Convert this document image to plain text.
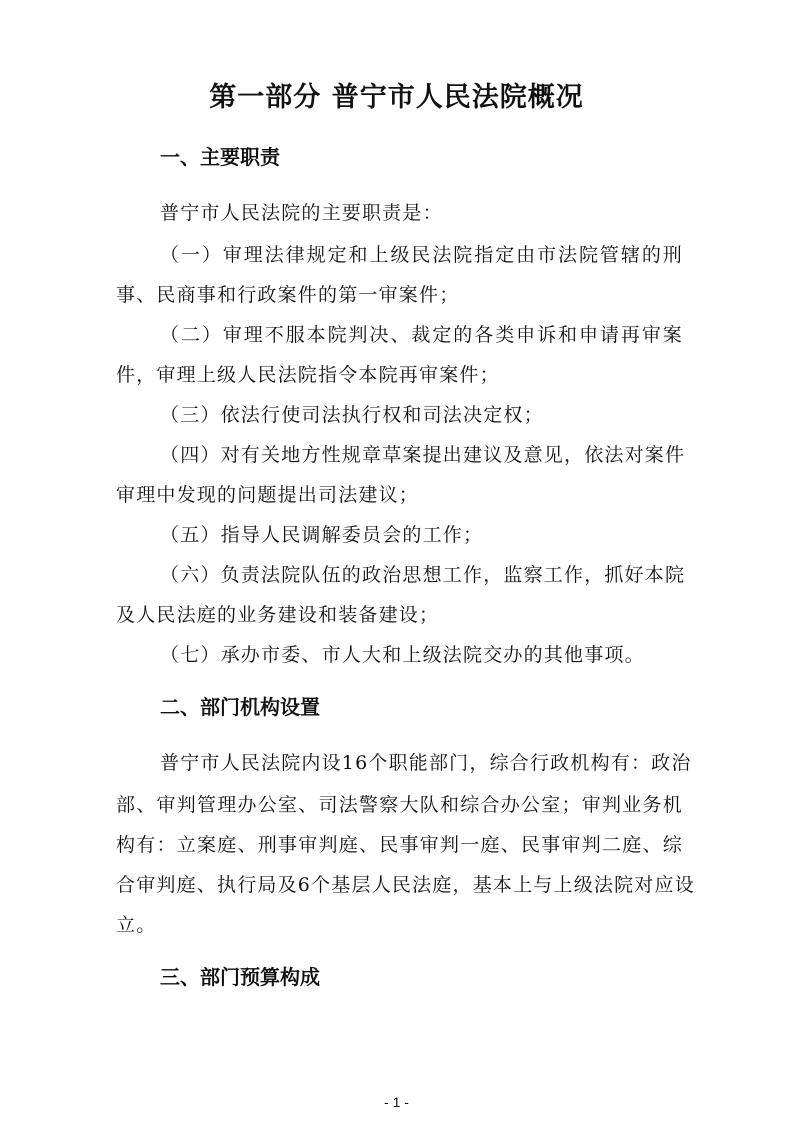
第一部分 普宁市人民法院概况
一、主要职责
普宁市人民法院的主要职责是：
（一）审理法律规定和上级民法院指定由市法院管辖的刑
事、民商事和行政案件的第一审案件；
（二）审理不服本院判决、裁定的各类申诉和申请再审案
件，审理上级人民法院指令本院再审案件；
（三）依法行使司法执行权和司法决定权；
（四）对有关地方性规章草案提出建议及意见，依法对案件
审理中发现的问题提出司法建议；
（五）指导人民调解委员会的工作；
（六）负责法院队伍的政治思想工作，监察工作，抓好本院
及人民法庭的业务建设和装备建设；
（七）承办市委、市人大和上级法院交办的其他事项。
二、部门机构设置
普宁市人民法院内设16个职能部门，综合行政机构有：政治
部、审判管理办公室、司法警察大队和综合办公室；审判业务机
构有：立案庭、刑事审判庭、民事审判一庭、民事审判二庭、综
合审判庭、执行局及6个基层人民法庭，基本上与上级法院对应设
立。
三、部门预算构成
- 1 -
